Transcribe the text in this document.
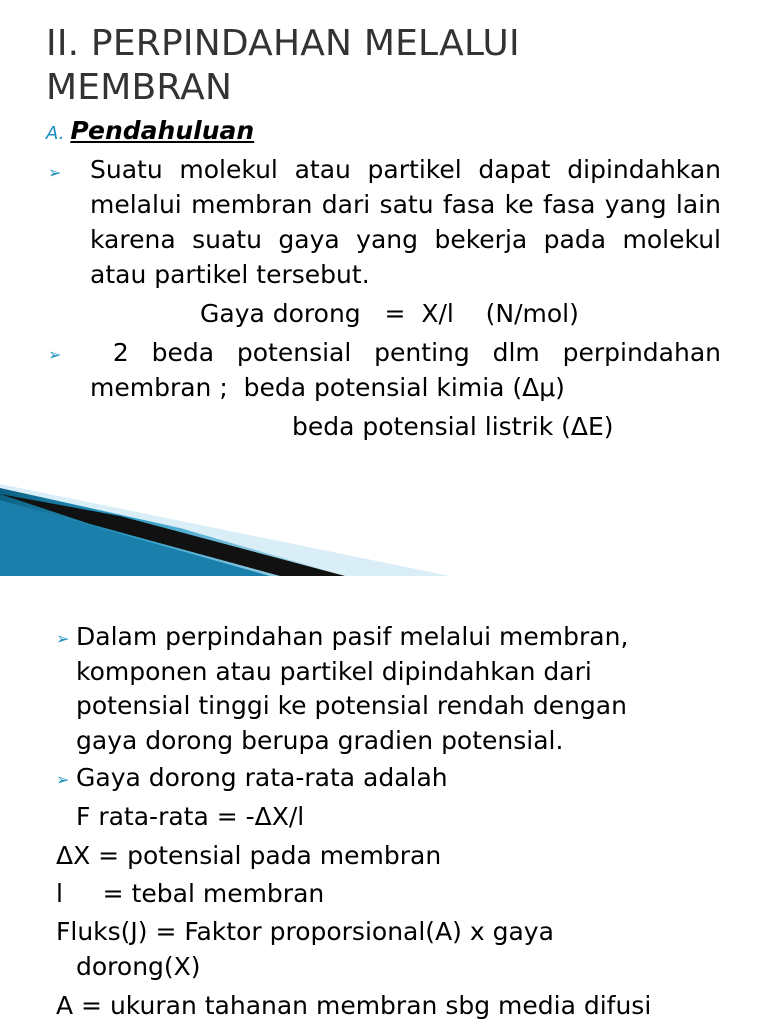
II. PERPINDAHAN MELALUI
MEMBRAN
A. Pendahuluan
➢ Suatu molekul atau partikel dapat dipindahkan melalui membran dari satu fasa ke fasa yang lain karena suatu gaya yang bekerja pada molekul atau partikel tersebut.

Gaya dorong   =  X/l    (N/mol)
➢ 2 beda potensial penting dlm perpindahan
membran ;  beda potensial kimia (Δμ)
beda potensial listrik (ΔE)
➢ Dalam perpindahan pasif melalui membran,
komponen atau partikel dipindahkan dari
potensial tinggi ke potensial rendah dengan
gaya dorong berupa gradien potensial.
➢ Gaya dorong rata-rata adalah
F rata-rata = -ΔX/l
ΔX = potensial pada membran
l     = tebal membran
Fluks(J) = Faktor proporsional(A) x gaya
dorong(X)
A = ukuran tahanan membran sbg media difusi
